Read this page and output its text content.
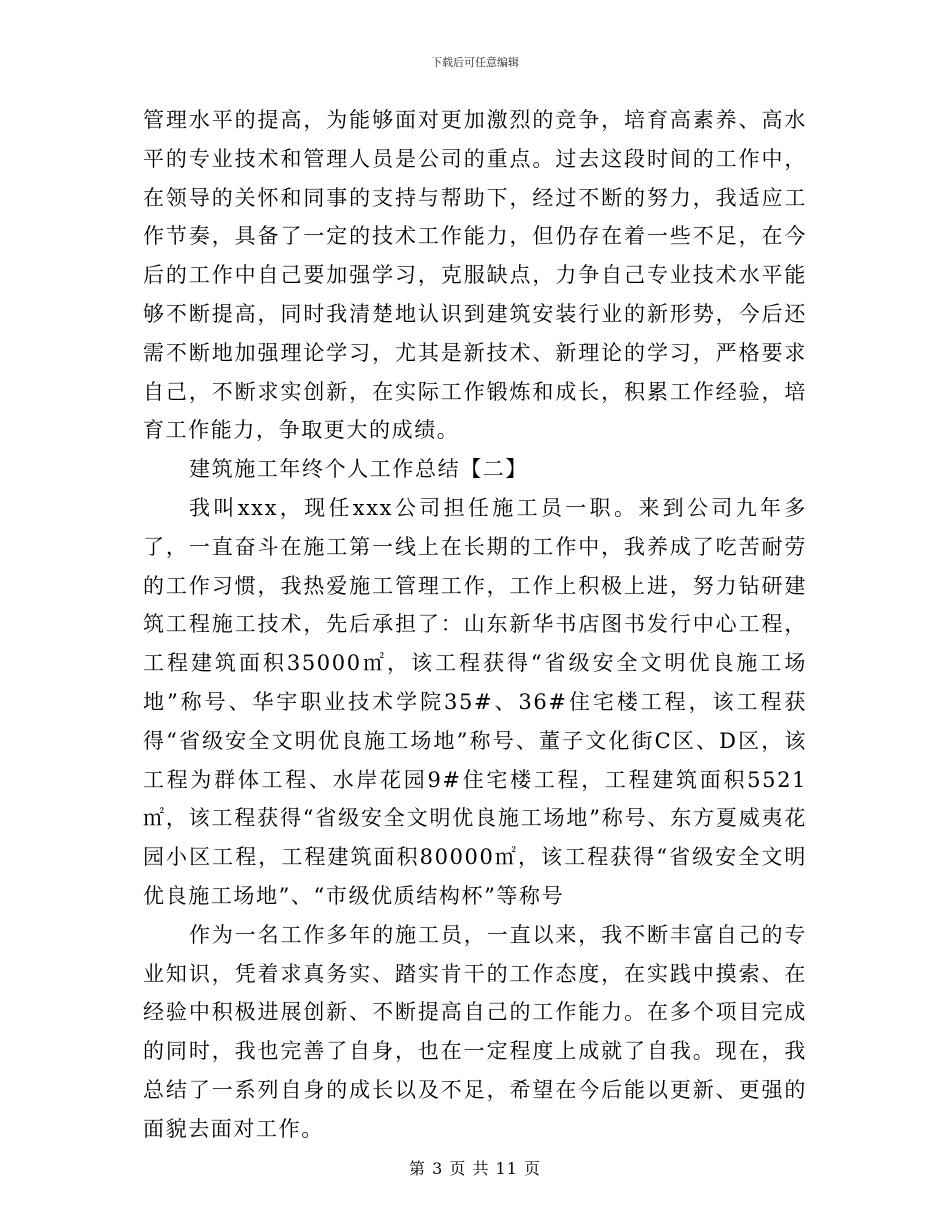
下载后可任意编辑

管理水平的提高，为能够面对更加激烈的竞争，培育高素养、高水平的专业技术和管理人员是公司的重点。过去这段时间的工作中，在领导的关怀和同事的支持与帮助下，经过不断的努力，我适应工作节奏，具备了一定的技术工作能力，但仍存在着一些不足，在今后的工作中自己要加强学习，克服缺点，力争自己专业技术水平能够不断提高，同时我清楚地认识到建筑安装行业的新形势，今后还需不断地加强理论学习，尤其是新技术、新理论的学习，严格要求自己，不断求实创新，在实际工作锻炼和成长，积累工作经验，培育工作能力，争取更大的成绩。

建筑施工年终个人工作总结【二】

我叫xxx，现任xxx公司担任施工员一职。来到公司九年多了，一直奋斗在施工第一线上在长期的工作中，我养成了吃苦耐劳的工作习惯，我热爱施工管理工作，工作上积极上进，努力钻研建筑工程施工技术，先后承担了：山东新华书店图书发行中心工程，工程建筑面积35000㎡，该工程获得“省级安全文明优良施工场地”称号、华宇职业技术学院35#、36#住宅楼工程，该工程获得“省级安全文明优良施工场地”称号、董子文化街C区、D区，该工程为群体工程、水岸花园9#住宅楼工程，工程建筑面积5521㎡，该工程获得“省级安全文明优良施工场地”称号、东方夏威夷花园小区工程，工程建筑面积80000㎡，该工程获得“省级安全文明优良施工场地”、“市级优质结构杯”等称号

作为一名工作多年的施工员，一直以来，我不断丰富自己的专业知识，凭着求真务实、踏实肯干的工作态度，在实践中摸索、在经验中积极进展创新、不断提高自己的工作能力。在多个项目完成的同时，我也完善了自身，也在一定程度上成就了自我。现在，我总结了一系列自身的成长以及不足，希望在今后能以更新、更强的面貌去面对工作。

第 3 页 共 11 页
